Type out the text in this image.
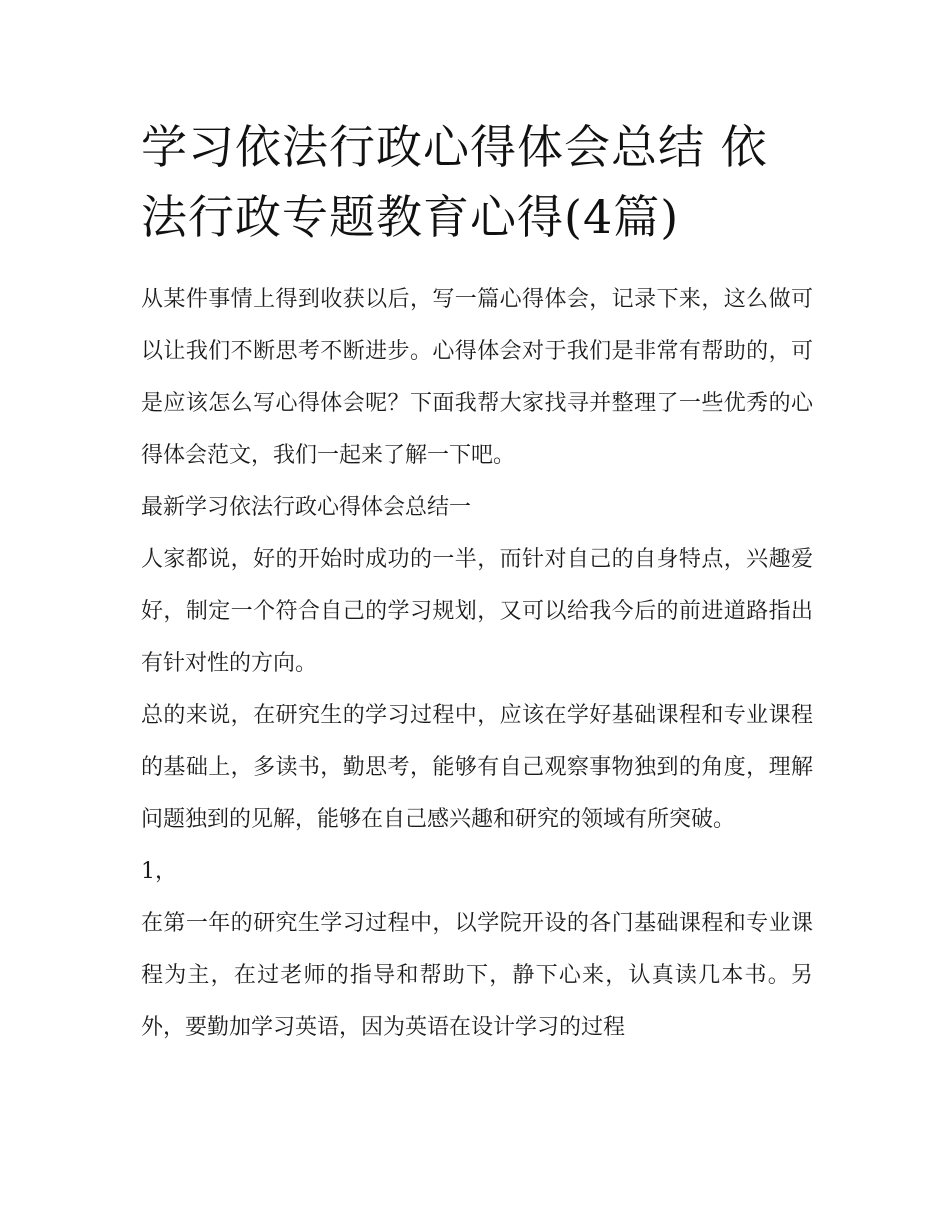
学习依法行政心得体会总结 依法行政专题教育心得(4篇)

从某件事情上得到收获以后，写一篇心得体会，记录下来，这么做可以让我们不断思考不断进步。心得体会对于我们是非常有帮助的，可是应该怎么写心得体会呢？下面我帮大家找寻并整理了一些优秀的心得体会范文，我们一起来了解一下吧。

最新学习依法行政心得体会总结一

人家都说，好的开始时成功的一半，而针对自己的自身特点，兴趣爱好，制定一个符合自己的学习规划，又可以给我今后的前进道路指出有针对性的方向。

总的来说，在研究生的学习过程中，应该在学好基础课程和专业课程的基础上，多读书，勤思考，能够有自己观察事物独到的角度，理解问题独到的见解，能够在自己感兴趣和研究的领域有所突破。

1，

在第一年的研究生学习过程中，以学院开设的各门基础课程和专业课程为主，在过老师的指导和帮助下，静下心来，认真读几本书。另外，要勤加学习英语，因为英语在设计学习的过程
